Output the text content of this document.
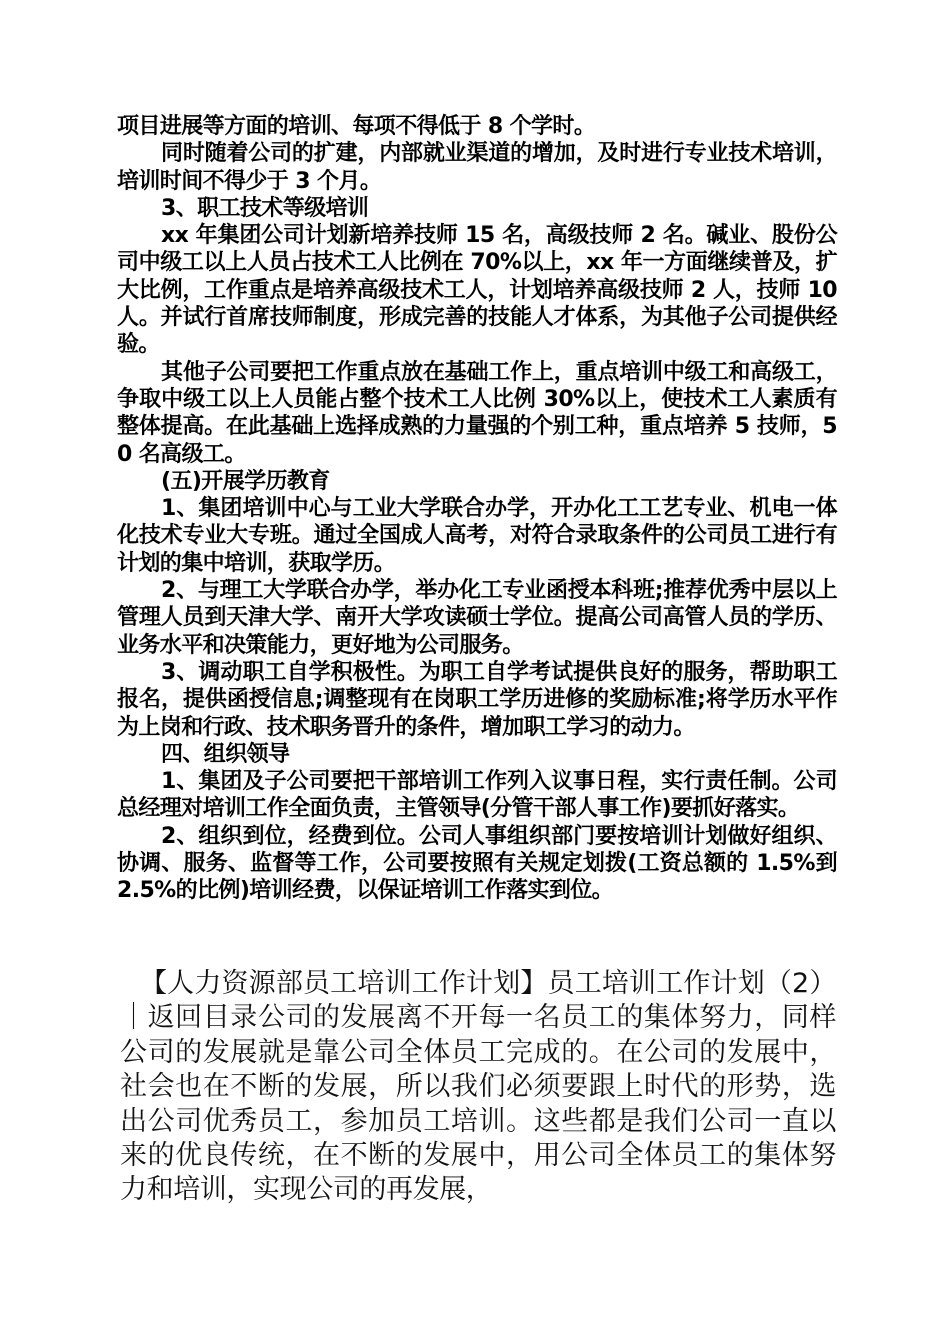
项目进展等方面的培训、每项不得低于 8 个学时。

同时随着公司的扩建，内部就业渠道的增加，及时进行专业技术培训，培训时间不得少于 3 个月。

3、职工技术等级培训

xx 年集团公司计划新培养技师 15 名，高级技师 2 名。碱业、股份公司中级工以上人员占技术工人比例在 70%以上，xx 年一方面继续普及，扩大比例，工作重点是培养高级技术工人，计划培养高级技师 2 人，技师 10 人。并试行首席技师制度，形成完善的技能人才体系，为其他子公司提供经验。

其他子公司要把工作重点放在基础工作上，重点培训中级工和高级工，争取中级工以上人员能占整个技术工人比例 30%以上，使技术工人素质有整体提高。在此基础上选择成熟的力量强的个别工种，重点培养 5 技师，50 名高级工。

(五)开展学历教育

1、集团培训中心与工业大学联合办学，开办化工工艺专业、机电一体化技术专业大专班。通过全国成人高考，对符合录取条件的公司员工进行有计划的集中培训，获取学历。

2、与理工大学联合办学，举办化工专业函授本科班;推荐优秀中层以上管理人员到天津大学、南开大学攻读硕士学位。提高公司高管人员的学历、业务水平和决策能力，更好地为公司服务。

3、调动职工自学积极性。为职工自学考试提供良好的服务，帮助职工报名，提供函授信息;调整现有在岗职工学历进修的奖励标准;将学历水平作为上岗和行政、技术职务晋升的条件，增加职工学习的动力。

四、组织领导

1、集团及子公司要把干部培训工作列入议事日程，实行责任制。公司总经理对培训工作全面负责，主管领导(分管干部人事工作)要抓好落实。

2、组织到位，经费到位。公司人事组织部门要按培训计划做好组织、协调、服务、监督等工作，公司要按照有关规定划拨(工资总额的 1.5%到 2.5%的比例)培训经费，以保证培训工作落实到位。

【人力资源部员工培训工作计划】员工培训工作计划（2）｜返回目录公司的发展离不开每一名员工的集体努力，同样公司的发展就是靠公司全体员工完成的。在公司的发展中，社会也在不断的发展，所以我们必须要跟上时代的形势，选出公司优秀员工，参加员工培训。这些都是我们公司一直以来的优良传统，在不断的发展中，用公司全体员工的集体努力和培训，实现公司的再发展，
